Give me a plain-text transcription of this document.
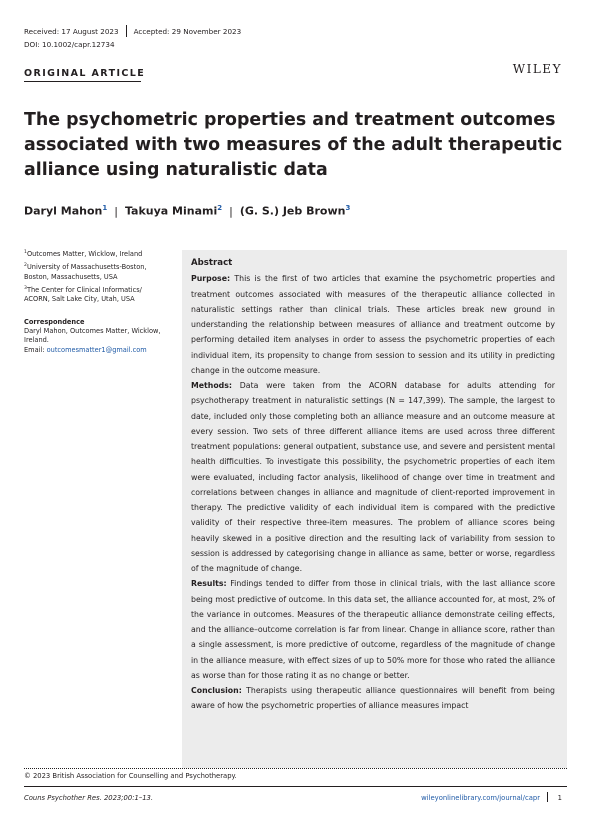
Received: 17 August 2023 Accepted: 29 November 2023
DOI: 10.1002/capr.12734
ORIGINAL ARTICLE	WILEY
The psychometric properties and treatment outcomes associated with two measures of the adult therapeutic alliance using naturalistic data
Daryl Mahon$^1$ | Takuya Minami$^2$ | (G. S.) Jeb Brown$^3$
$^1$Outcomes Matter, Wicklow, Ireland
$^2$University of Massachusetts-Boston, Boston, Massachusetts, USA
$^3$The Center for Clinical Informatics/ ACORN, Salt Lake City, Utah, USA
Correspondence
Daryl Mahon, Outcomes Matter, Wicklow, Ireland.
Email: outcomesmatter1@gmail.com
Abstract

Purpose: This is the first of two articles that examine the psychometric properties and treatment outcomes associated with measures of the therapeutic alliance collected in naturalistic settings rather than clinical trials. These articles break new ground in understanding the relationship between measures of alliance and treatment outcome by performing detailed item analyses in order to assess the psychometric properties of each individual item, its propensity to change from session to session and its utility in predicting change in the outcome measure.

Methods: Data were taken from the ACORN database for adults attending for psychotherapy treatment in naturalistic settings (N = 147,399). The sample, the largest to date, included only those completing both an alliance measure and an outcome measure at every session. Two sets of three different alliance items are used across three different treatment populations: general outpatient, substance use, and severe and persistent mental health difficulties. To investigate this possibility, the psychometric properties of each item were evaluated, including factor analysis, likelihood of change over time in treatment and correlations between changes in alliance and magnitude of client-reported improvement in therapy. The predictive validity of each individual item is compared with the predictive validity of their respective three-item measures. The problem of alliance scores being heavily skewed in a positive direction and the resulting lack of variability from session to session is addressed by categorising change in alliance as same, better or worse, regardless of the magnitude of change.

Results: Findings tended to differ from those in clinical trials, with the last alliance score being most predictive of outcome. In this data set, the alliance accounted for, at most, 2% of the variance in outcomes. Measures of the therapeutic alliance demonstrate ceiling effects, and the alliance–outcome correlation is far from linear. Change in alliance score, rather than a single assessment, is more predictive of outcome, regardless of the magnitude of change in the alliance measure, with effect sizes of up to 50% more for those who rated the alliance as worse than for those rating it as no change or better.

Conclusion: Therapists using therapeutic alliance questionnaires will benefit from being aware of how the psychometric properties of alliance measures impact

© 2023 British Association for Counselling and Psychotherapy.
Couns Psychother Res. 2023;00:1–13.	wileyonlinelibrary.com/journal/capr	1
